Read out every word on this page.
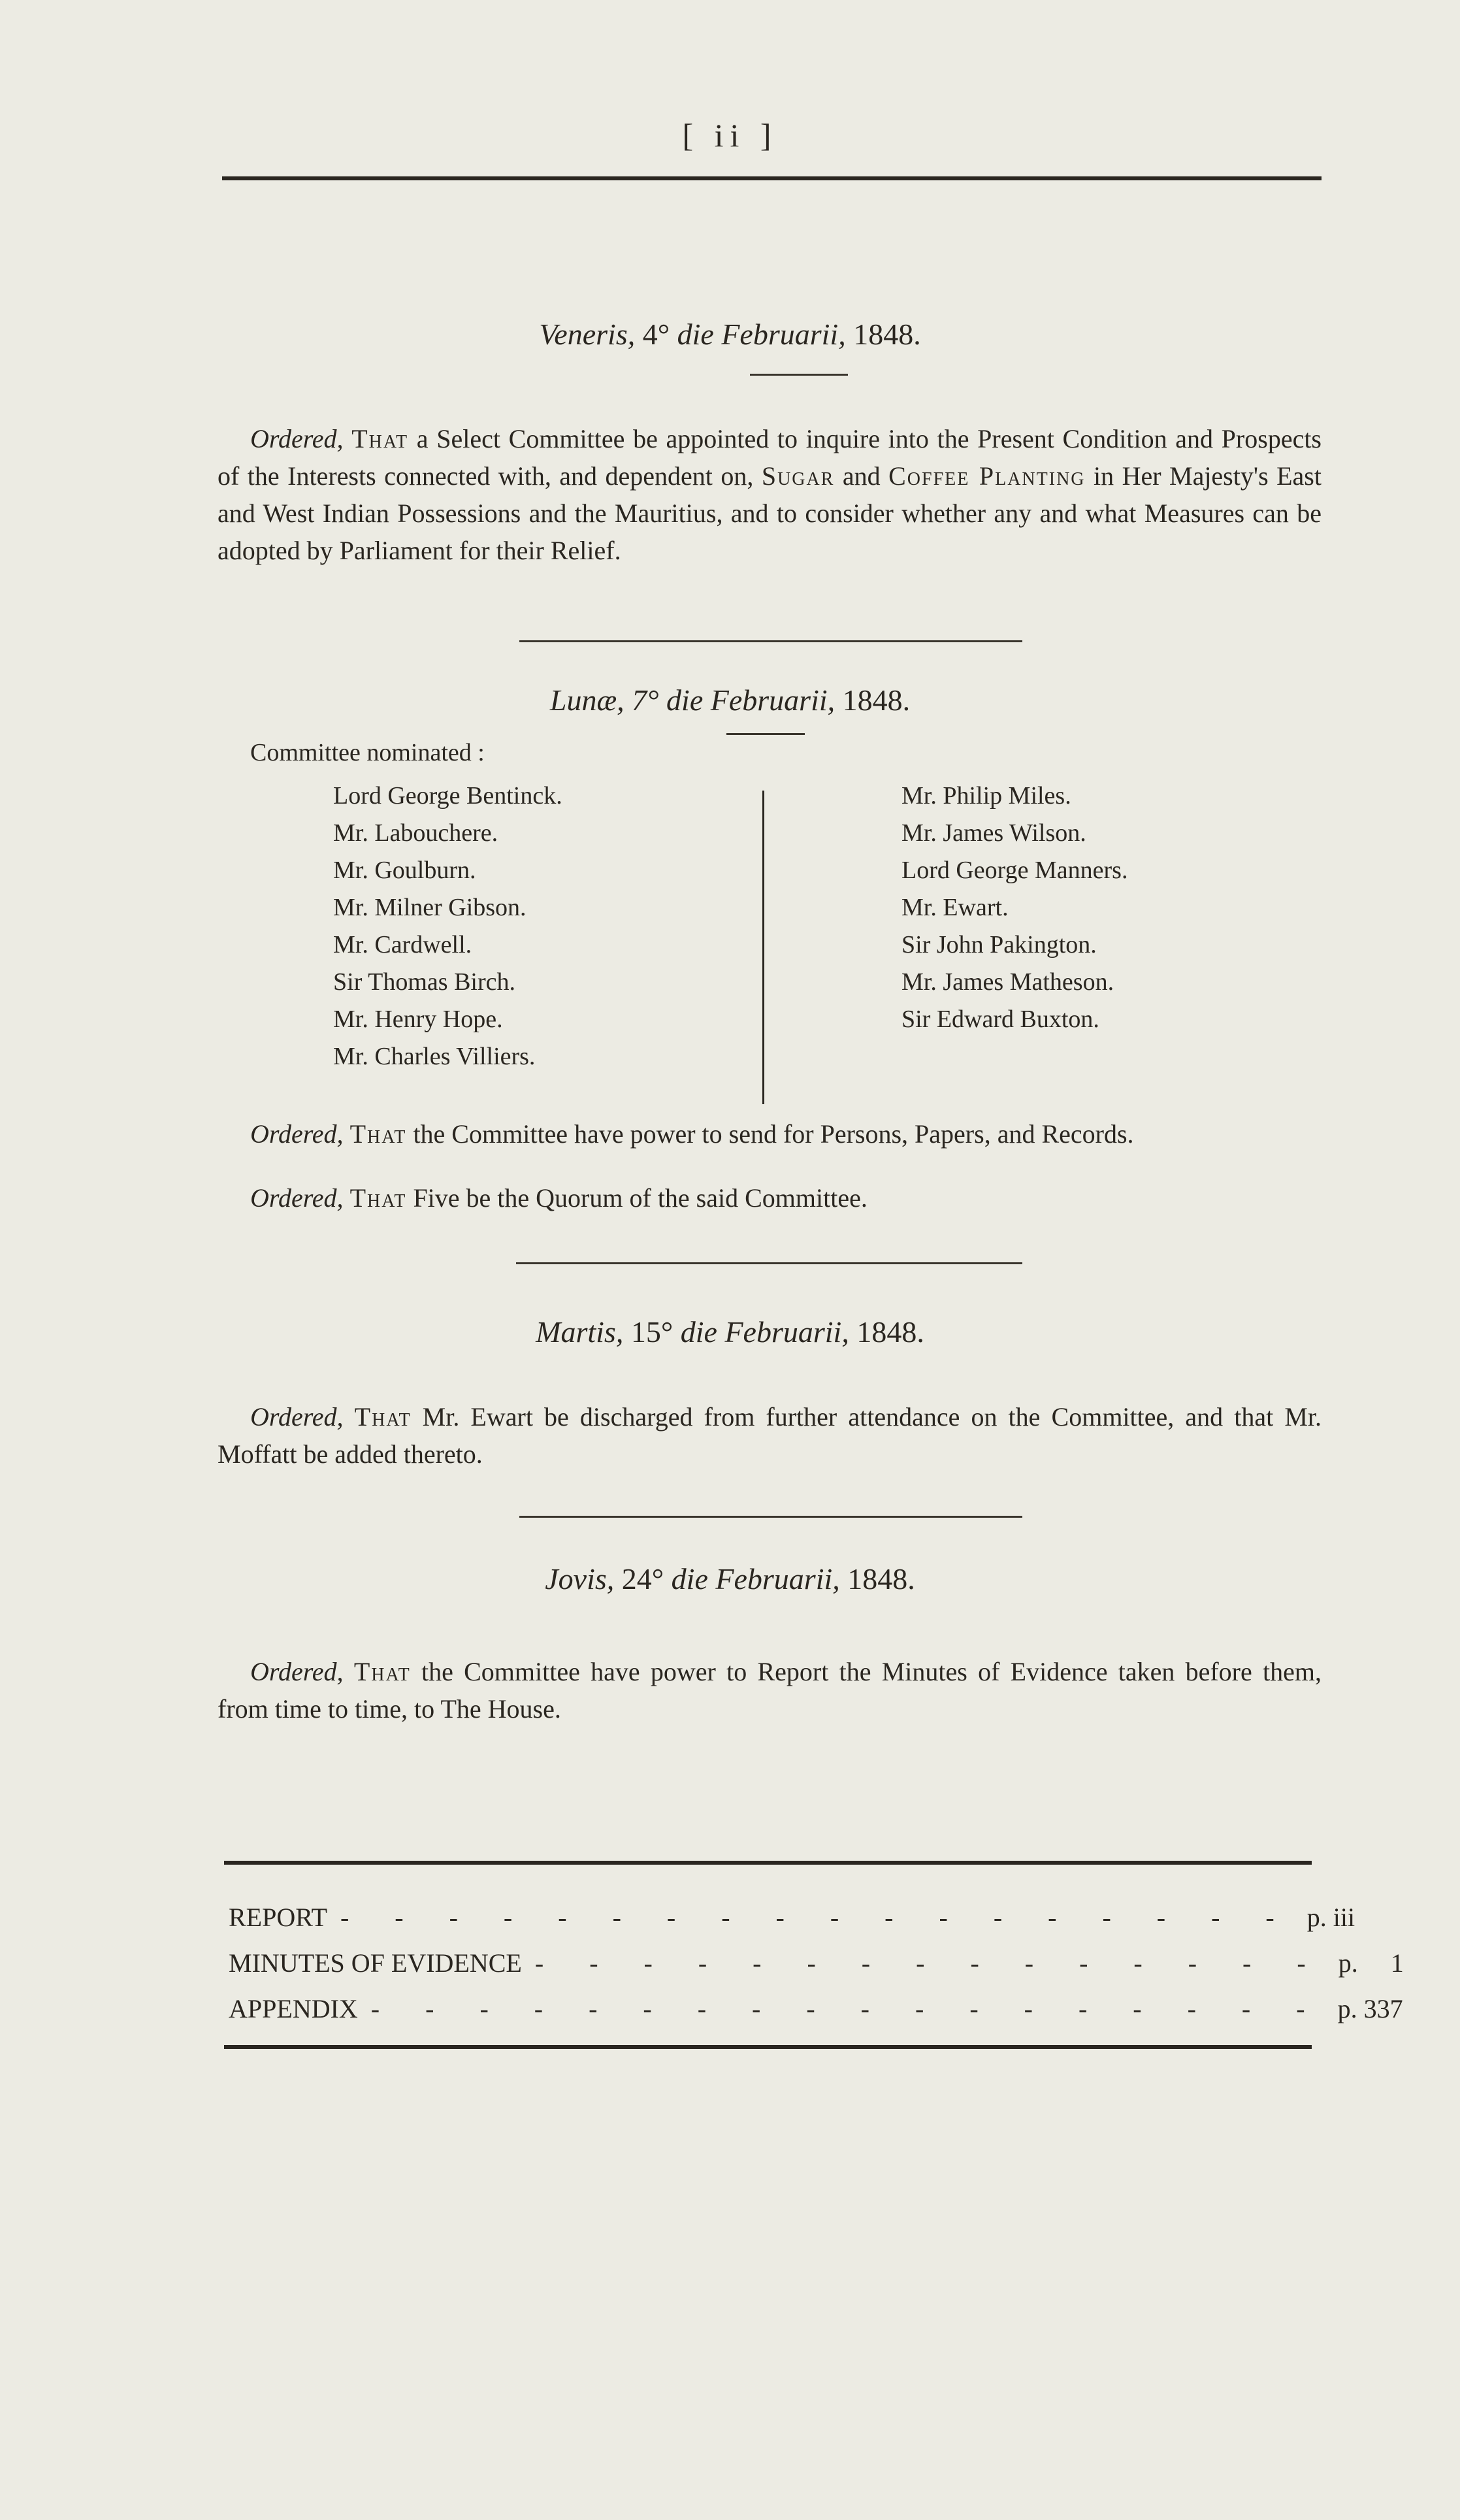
[ ii ]
Veneris, 4° die Februarii, 1848.
Ordered, That a Select Committee be appointed to inquire into the Present Condition and Prospects of the Interests connected with, and dependent on, Sugar and Coffee Planting in Her Majesty's East and West Indian Possessions and the Mauritius, and to consider whether any and what Measures can be adopted by Parliament for their Relief.
Lunæ, 7° die Februarii, 1848.
Committee nominated :
Lord George Bentinck.
Mr. Labouchere.
Mr. Goulburn.
Mr. Milner Gibson.
Mr. Cardwell.
Sir Thomas Birch.
Mr. Henry Hope.
Mr. Charles Villiers.
Mr. Philip Miles.
Mr. James Wilson.
Lord George Manners.
Mr. Ewart.
Sir John Pakington.
Mr. James Matheson.
Sir Edward Buxton.
Ordered, That the Committee have power to send for Persons, Papers, and Records.
Ordered, That Five be the Quorum of the said Committee.
Martis, 15° die Februarii, 1848.
Ordered, That Mr. Ewart be discharged from further attendance on the Committee, and that Mr. Moffatt be added thereto.
Jovis, 24° die Februarii, 1848.
Ordered, That the Committee have power to Report the Minutes of Evidence taken before them, from time to time, to The House.
REPORT - - - - - - - - - - - - - - - - - - p. iii
MINUTES OF EVIDENCE - - - - - - - - - - - - - - - p.     1
APPENDIX - - - - - - - - - - - - - - - - - - p. 337
